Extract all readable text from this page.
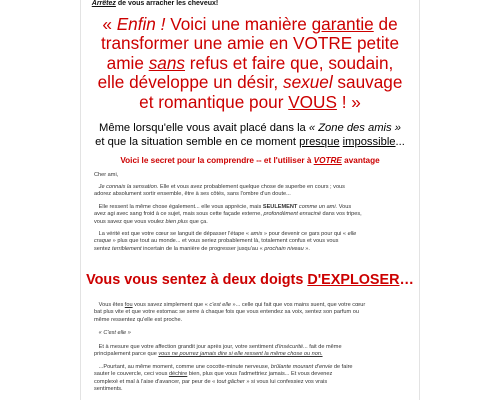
Arrêtez de vous arracher les cheveux!
« Enfin ! Voici une manière garantie de
transformer une amie en VOTRE petite
amie sans refus et faire que, soudain,
elle développe un désir, sexuel sauvage
et romantique pour VOUS ! »
Même lorsqu'elle vous avait placé dans la « Zone des amis »
et que la situation semble en ce moment presque impossible...
Voici le secret pour la comprendre -- et l'utiliser à VOTRE avantage
Cher ami,
Je connais la sensation. Elle et vous avez probablement quelque chose de superbe en cours ; vous
adorez absolument sortir ensemble, être à ses côtés, sans l'ombre d'un doute...
Elle ressent la même chose également... elle vous apprécie, mais SEULEMENT comme un ami. Vous
avez agi avec sang froid à ce sujet, mais sous cette façade externe, profondément enraciné dans vos tripes,
vous savez que vous voulez bien plus que ça.
La vérité est que votre cœur se languit de dépasser l'étape « amis » pour devenir ce gars pour qui « elle
craque » plus que tout au monde... et vous seriez probablement là, totalement confus et vous vous
sentez terriblement incertain de la manière de progresser jusqu'au « prochain niveau ».
Vous vous sentez à deux doigts D'EXPLOSER…
Vous êtes fou vous savez simplement que « c'est elle »... celle qui fait que vos mains suent, que votre cœur
bat plus vite et que votre estomac se serre à chaque fois que vous entendez sa voix, sentez son parfum ou
même ressentez qu'elle est proche.
« C'est elle »
Et à mesure que votre affection grandit jour après jour, votre sentiment d'insécurité... fait de même
principalement parce que vous ne pourrez jamais dire si elle ressent la même chose ou non.
...Pourtant, au même moment, comme une cocotte-minute nerveuse, brûlante mourant d'envie de faire
sauter le couvercle, ceci vous déchire bien, plus que vous l'admettriez jamais... Et vous devenez
complexé et mal à l'aise d'avancer, par peur de « tout gâcher » si vous lui confessiez vos vrais
sentiments.
